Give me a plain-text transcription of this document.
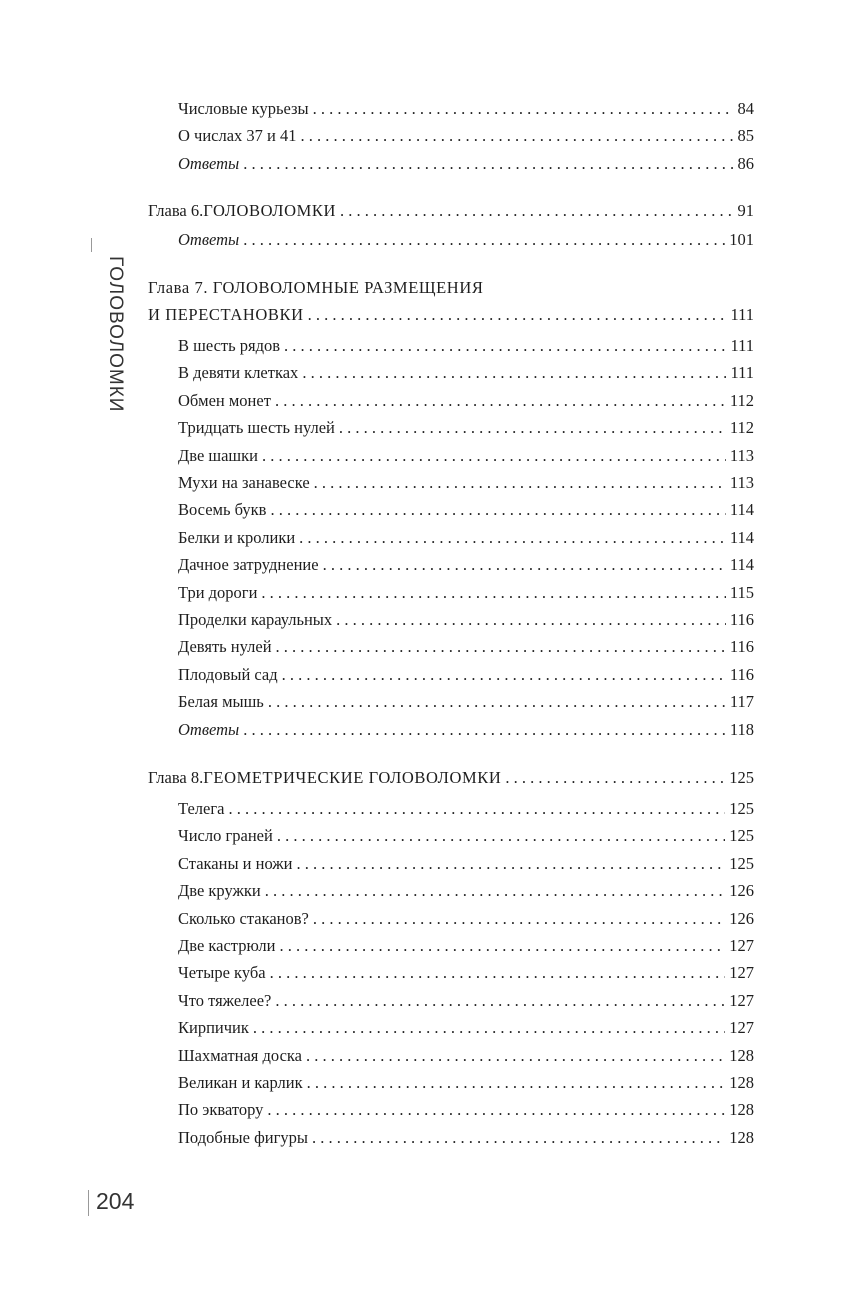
ГОЛОВОЛОМКИ
Числовые курьезы . . .	84
О числах 37 и 41 . . .	85
Ответы . . .	86
Глава 6. ГОЛОВОЛОМКИ . . .	91
Ответы . . .	101
Глава 7. ГОЛОВОЛОМНЫЕ РАЗМЕЩЕНИЯ
И ПЕРЕСТАНОВКИ . . .	111
В шесть рядов . . .	111
В девяти клетках . . .	111
Обмен монет . . .	112
Тридцать шесть нулей . . .	112
Две шашки . . .	113
Мухи на занавеске . . .	113
Восемь букв . . .	114
Белки и кролики . . .	114
Дачное затруднение . . .	114
Три дороги . . .	115
Проделки караульных . . .	116
Девять нулей . . .	116
Плодовый сад . . .	116
Белая мышь . . .	117
Ответы . . .	118
Глава 8. ГЕОМЕТРИЧЕСКИЕ ГОЛОВОЛОМКИ . . .	125
Телега . . .	125
Число граней . . .	125
Стаканы и ножи . . .	125
Две кружки . . .	126
Сколько стаканов? . . .	126
Две кастрюли . . .	127
Четыре куба . . .	127
Что тяжелее? . . .	127
Кирпичик . . .	127
Шахматная доска . . .	128
Великан и карлик . . .	128
По экватору . . .	128
Подобные фигуры . . .	128
204
